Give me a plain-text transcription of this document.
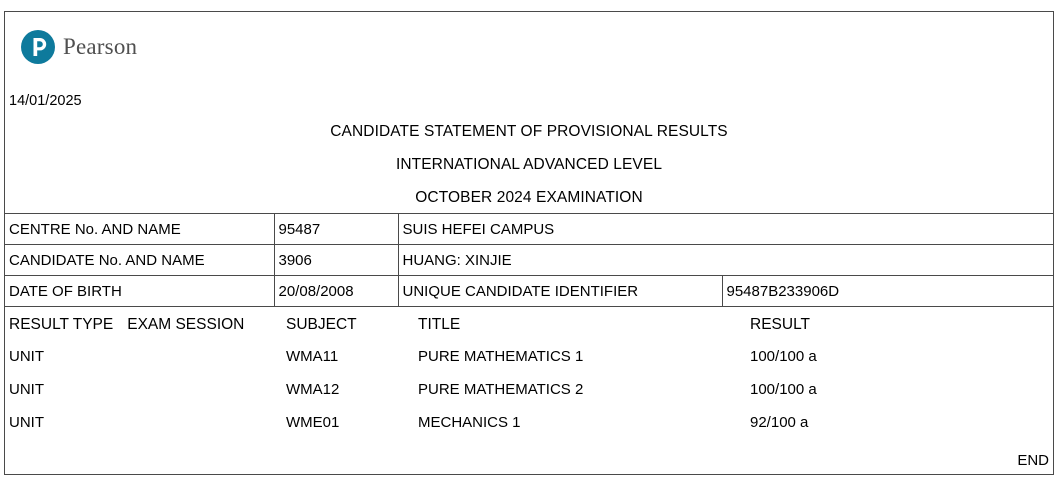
Pearson
14/01/2025
CANDIDATE STATEMENT OF PROVISIONAL RESULTS
INTERNATIONAL ADVANCED LEVEL
OCTOBER 2024 EXAMINATION
CENTRE No. AND NAME	95487	SUIS HEFEI CAMPUS	
CANDIDATE No. AND NAME	3906	HUANG: XINJIE	
DATE OF BIRTH	20/08/2008	UNIQUE CANDIDATE IDENTIFIER	95487B233906D
RESULT TYPE EXAM SESSION	SUBJECT	TITLE	RESULT
UNIT	WMA11	PURE MATHEMATICS 1	100/100 a
UNIT	WMA12	PURE MATHEMATICS 2	100/100 a
UNIT	WME01	MECHANICS 1	92/100 a
END
